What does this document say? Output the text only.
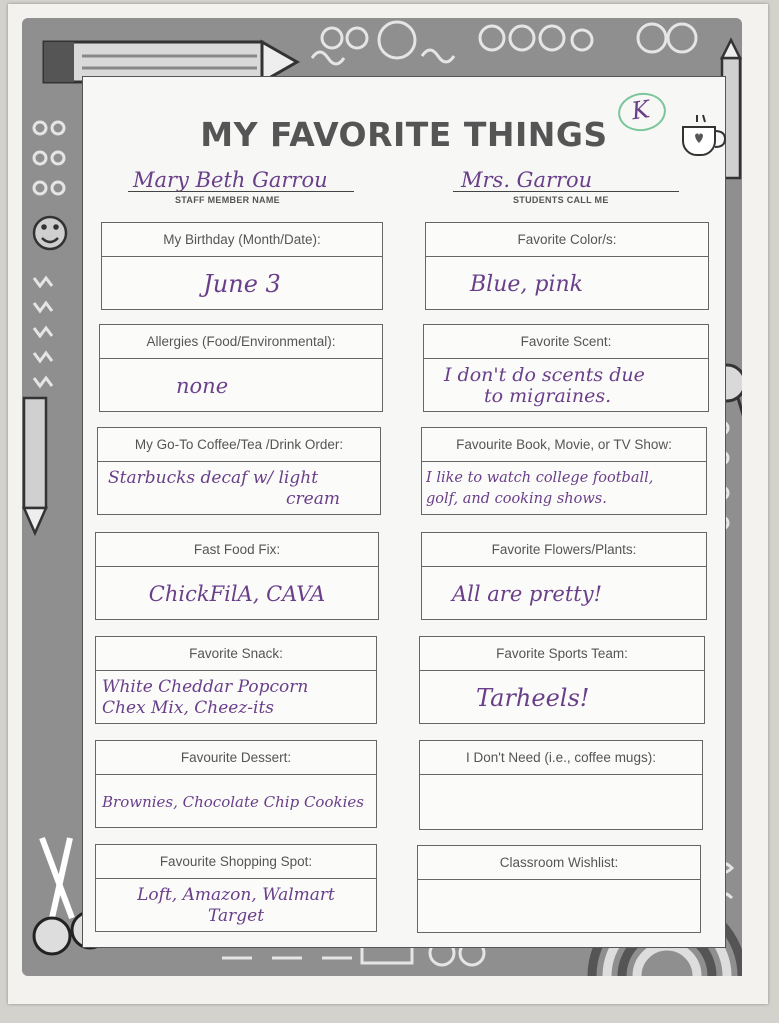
MY FAVORITE THINGS
K
Mary Beth Garrou
STAFF MEMBER NAME
Mrs. Garrou
STUDENTS CALL ME
My Birthday (Month/Date):
June 3
Allergies (Food/Environmental):
none
My Go-To Coffee/Tea /Drink Order:
Starbucks decaf w/ light
cream
Fast Food Fix:
ChickFilA, CAVA
Favorite Snack:
White Cheddar Popcorn
Chex Mix, Cheez-its
Favourite Dessert:
Brownies, Chocolate Chip Cookies
Favourite Shopping Spot:
Loft, Amazon, Walmart
Target
Favorite Color/s:
Blue, pink
Favorite Scent:
I don't do scents due
to migraines.
Favourite Book, Movie, or TV Show:
I like to watch college football,
golf, and cooking shows.
Favorite Flowers/Plants:
All are pretty!
Favorite Sports Team:
Tarheels!
I Don't Need (i.e., coffee mugs):
Classroom Wishlist:
